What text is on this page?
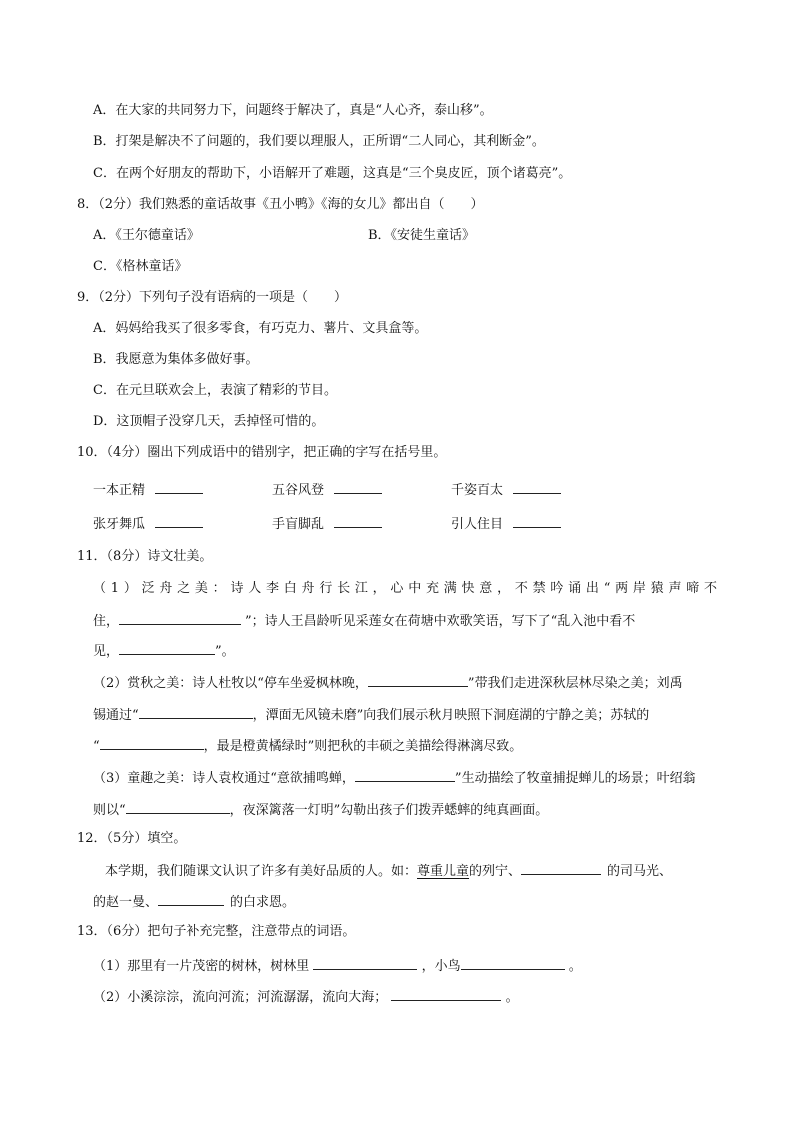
A．在大家的共同努力下，问题终于解决了，真是“人心齐，泰山移”。
B．打架是解决不了问题的，我们要以理服人，正所谓“二人同心，其利断金”。
C．在两个好朋友的帮助下，小语解开了难题，这真是“三个臭皮匠，顶个诸葛亮”。
8．（2分）我们熟悉的童话故事《丑小鸭》《海的女儿》都出自（　　）
A．《王尔德童话》	B．《安徒生童话》
C．《格林童话》
9．（2分）下列句子没有语病的一项是（　　）
A．妈妈给我买了很多零食，有巧克力、薯片、文具盒等。
B．我愿意为集体多做好事。
C．在元旦联欢会上，表演了精彩的节目。
D．这顶帽子没穿几天，丢掉怪可惜的。
10．（4分）圈出下列成语中的错别字，把正确的字写在括号里。
一本正精	五谷风登	千姿百太
张牙舞瓜	手盲脚乱	引人住目
11．（8分）诗文壮美。
（1）泛舟之美：诗人李白舟行长江，心中充满快意，不禁吟诵出“两岸猿声啼不
住，	”；诗人王昌龄听见采莲女在荷塘中欢歌笑语，写下了“乱入池中看不
见，	”。
（2）赏秋之美：诗人杜牧以“停车坐爱枫林晚，	”带我们走进深秋层林尽染之美；刘禹
锡通过“	，潭面无风镜未磨”向我们展示秋月映照下洞庭湖的宁静之美；苏轼的
“	，最是橙黄橘绿时”则把秋的丰硕之美描绘得淋漓尽致。
（3）童趣之美：诗人袁枚通过“意欲捕鸣蝉，	”生动描绘了牧童捕捉蝉儿的场景；叶绍翁
则以“	，夜深篱落一灯明”勾勒出孩子们拨弄蟋蟀的纯真画面。
12．（5分）填空。
本学期，我们随课文认识了许多有美好品质的人。如：尊重儿童的列宁、	的司马光、
的赵一曼、	的白求恩。
13．（6分）把句子补充完整，注意带点的词语。
（1）那里有一片茂密的树林，树林里	，小鸟	。
（2）小溪淙淙，流向河流；河流潺潺，流向大海；	。
